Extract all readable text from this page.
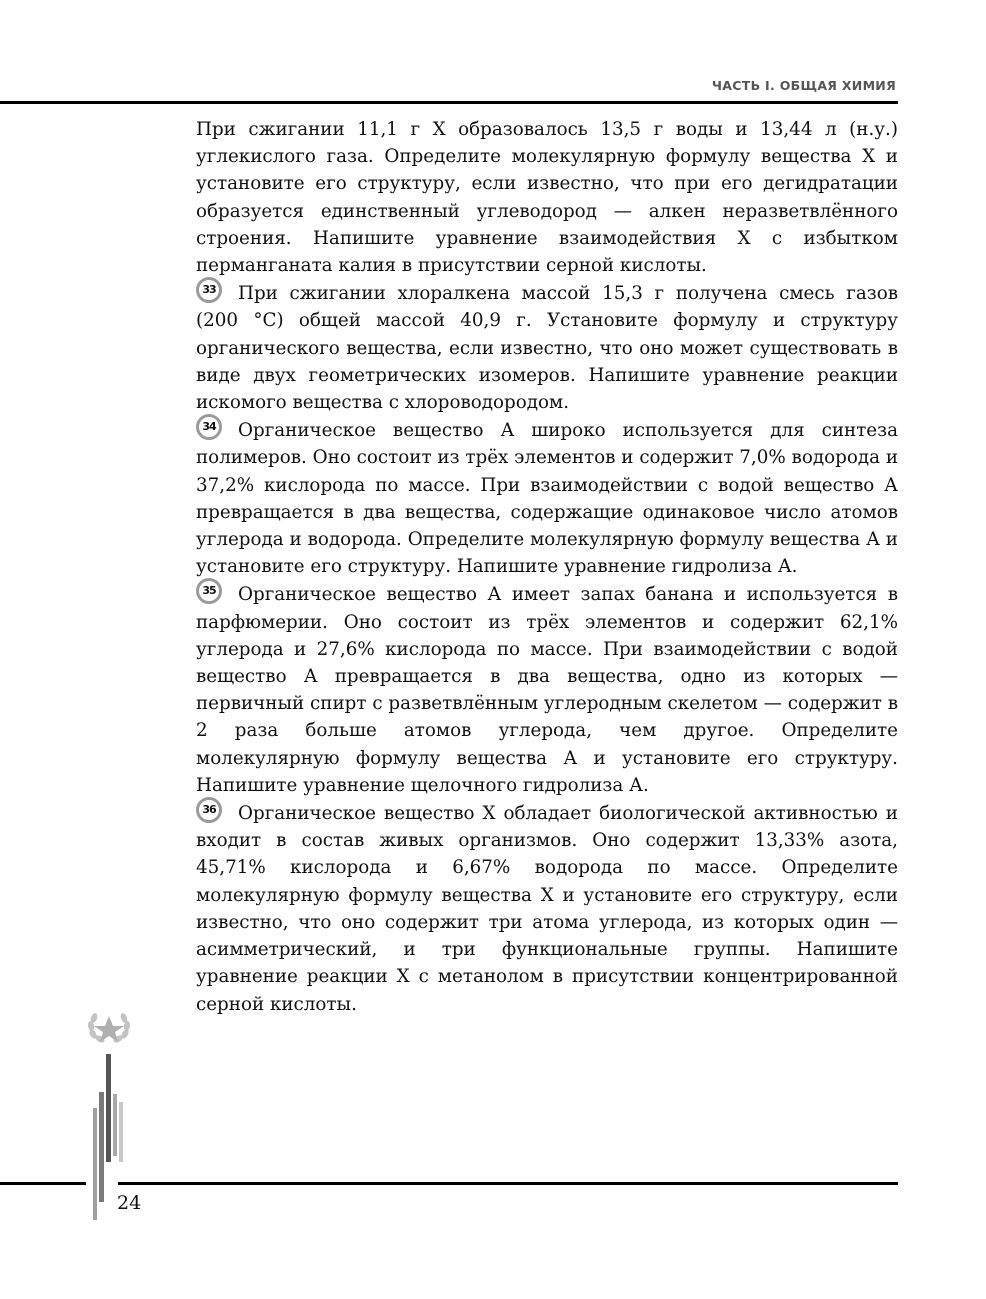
ЧАСТЬ I. ОБЩАЯ ХИМИЯ

При сжигании 11,1 г X образовалось 13,5 г воды и 13,44 л (н.у.) углекислого газа. Определите молекулярную формулу вещества X и установите его структуру, если известно, что при его дегидратации образуется единственный углеводород — алкен неразветвлённого строения. Напишите уравнение взаимодействия X с избытком перманганата калия в присутствии серной кислоты.

33 При сжигании хлоралкена массой 15,3 г получена смесь газов (200 °C) общей массой 40,9 г. Установите формулу и структуру органического вещества, если известно, что оно может существовать в виде двух геометрических изомеров. Напишите уравнение реакции искомого вещества с хлороводородом.

34 Органическое вещество А широко используется для синтеза полимеров. Оно состоит из трёх элементов и содержит 7,0% водорода и 37,2% кислорода по массе. При взаимодействии с водой вещество А превращается в два вещества, содержащие одинаковое число атомов углерода и водорода. Определите молекулярную формулу вещества А и установите его структуру. Напишите уравнение гидролиза А.

35 Органическое вещество А имеет запах банана и используется в парфюмерии. Оно состоит из трёх элементов и содержит 62,1% углерода и 27,6% кислорода по массе. При взаимодействии с водой вещество А превращается в два вещества, одно из которых — первичный спирт с разветвлённым углеродным скелетом — содержит в 2 раза больше атомов углерода, чем другое. Определите молекулярную формулу вещества А и установите его структуру. Напишите уравнение щелочного гидролиза А.

36 Органическое вещество X обладает биологической активностью и входит в состав живых организмов. Оно содержит 13,33% азота, 45,71% кислорода и 6,67% водорода по массе. Определите молекулярную формулу вещества X и установите его структуру, если известно, что оно содержит три атома углерода, из которых один — асимметрический, и три функциональные группы. Напишите уравнение реакции X с метанолом в присутствии концентрированной серной кислоты.

24
